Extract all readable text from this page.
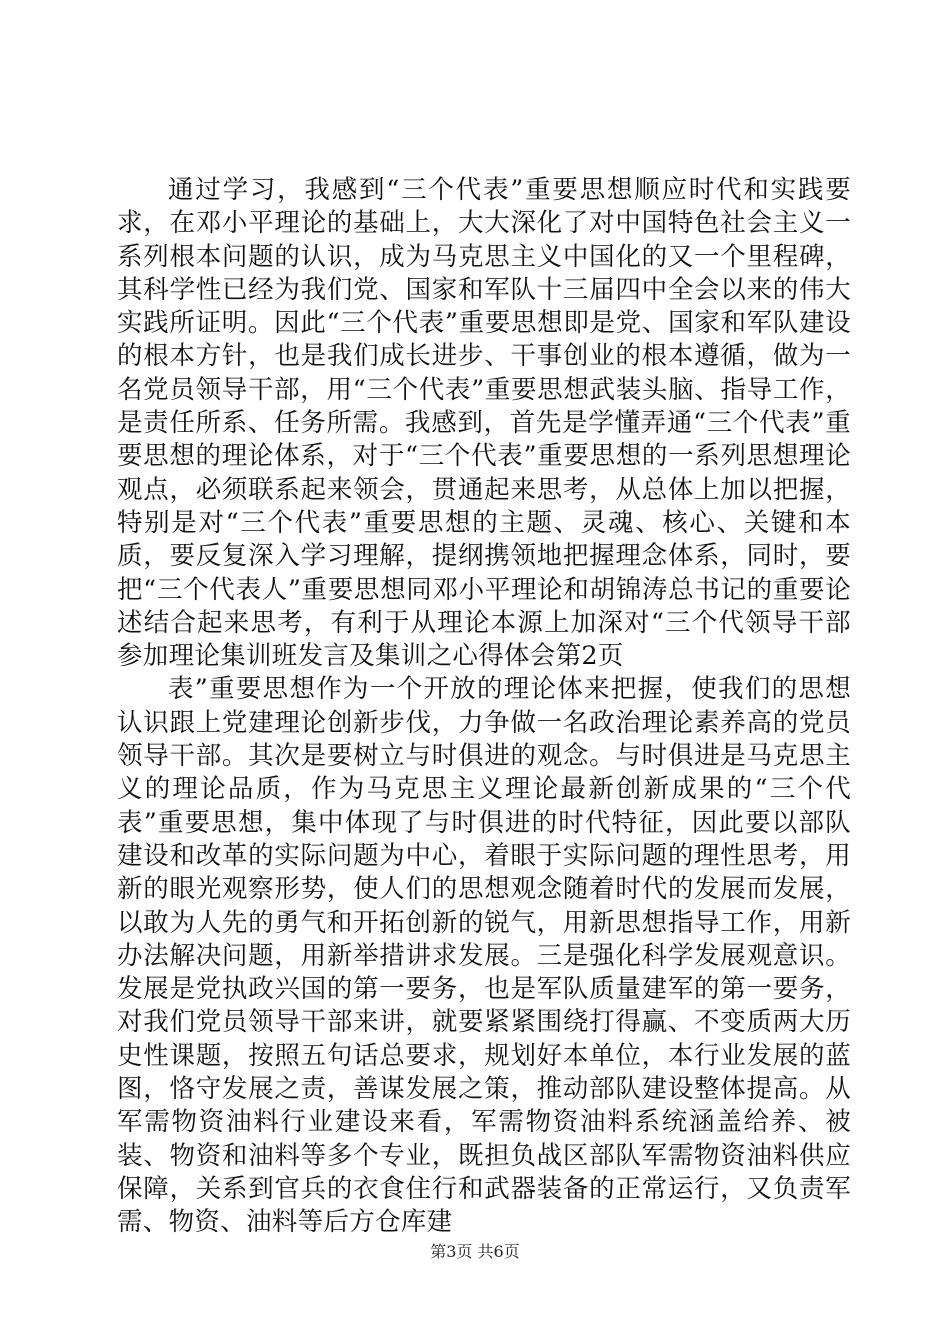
通过学习，我感到“三个代表”重要思想顺应时代和实践要求，在邓小平理论的基础上，大大深化了对中国特色社会主义一系列根本问题的认识，成为马克思主义中国化的又一个里程碑，其科学性已经为我们党、国家和军队十三届四中全会以来的伟大实践所证明。因此“三个代表”重要思想即是党、国家和军队建设的根本方针，也是我们成长进步、干事创业的根本遵循，做为一名党员领导干部，用“三个代表”重要思想武装头脑、指导工作，是责任所系、任务所需。我感到，首先是学懂弄通“三个代表”重要思想的理论体系，对于“三个代表”重要思想的一系列思想理论观点，必须联系起来领会，贯通起来思考，从总体上加以把握，特别是对“三个代表”重要思想的主题、灵魂、核心、关键和本质，要反复深入学习理解，提纲携领地把握理念体系，同时，要把“三个代表人”重要思想同邓小平理论和胡锦涛总书记的重要论述结合起来思考，有利于从理论本源上加深对“三个代领导干部参加理论集训班发言及集训之心得体会第2页

表”重要思想作为一个开放的理论体来把握，使我们的思想认识跟上党建理论创新步伐，力争做一名政治理论素养高的党员领导干部。其次是要树立与时俱进的观念。与时俱进是马克思主义的理论品质，作为马克思主义理论最新创新成果的“三个代表”重要思想，集中体现了与时俱进的时代特征，因此要以部队建设和改革的实际问题为中心，着眼于实际问题的理性思考，用新的眼光观察形势，使人们的思想观念随着时代的发展而发展，以敢为人先的勇气和开拓创新的锐气，用新思想指导工作，用新办法解决问题，用新举措讲求发展。三是强化科学发展观意识。发展是党执政兴国的第一要务，也是军队质量建军的第一要务，对我们党员领导干部来讲，就要紧紧围绕打得赢、不变质两大历史性课题，按照五句话总要求，规划好本单位，本行业发展的蓝图，恪守发展之责，善谋发展之策，推动部队建设整体提高。从军需物资油料行业建设来看，军需物资油料系统涵盖给养、被装、物资和油料等多个专业，既担负战区部队军需物资油料供应保障，关系到官兵的衣食住行和武器装备的正常运行，又负责军需、物资、油料等后方仓库建

第3页 共6页
